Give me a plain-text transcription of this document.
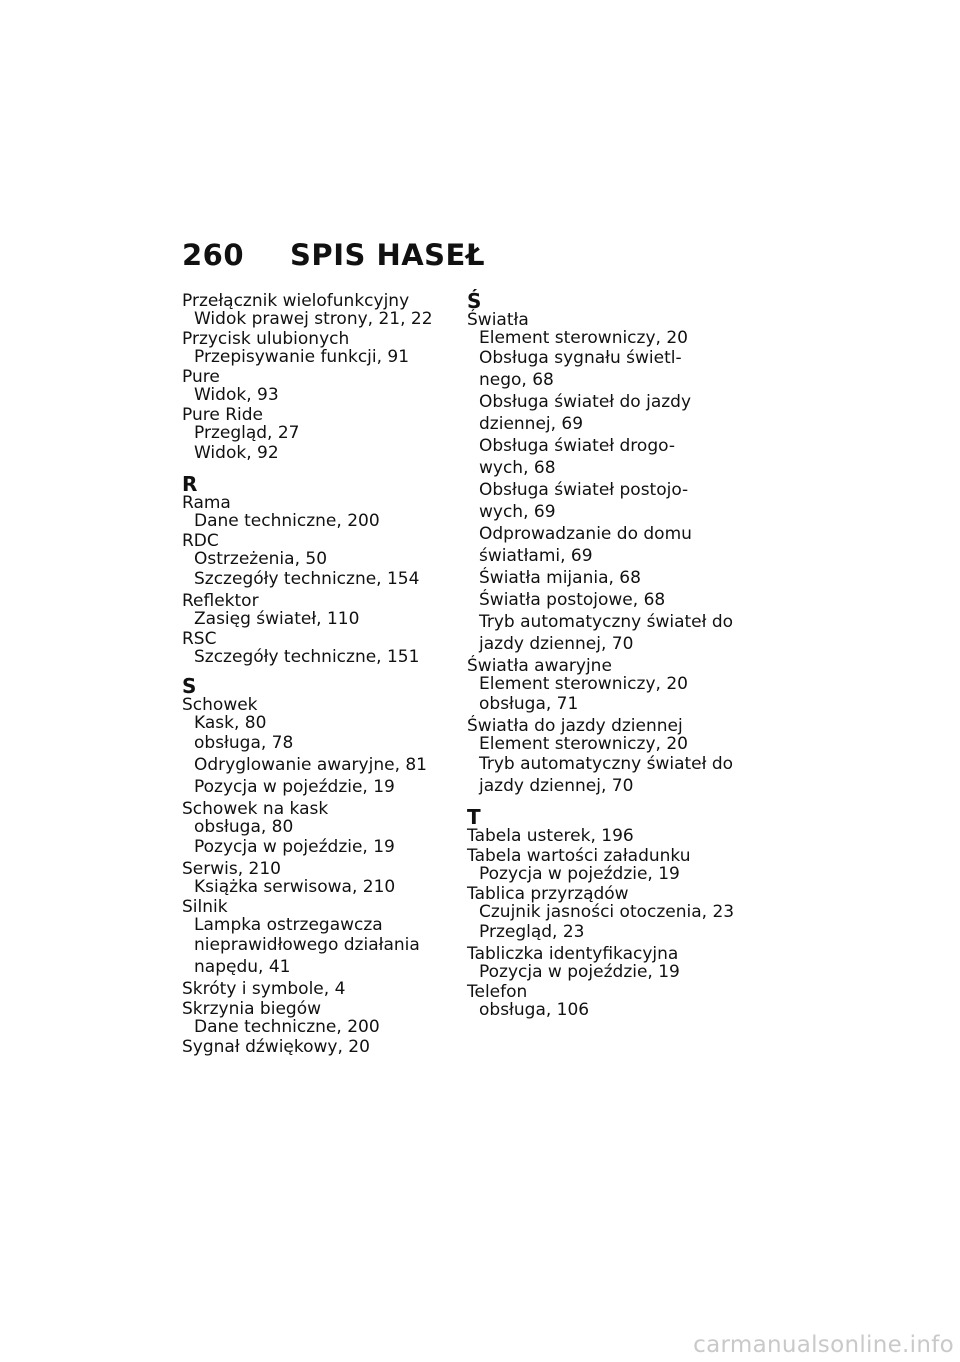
260 SPIS HASEŁ
Przełącznik wielofunkcyjny
Widok prawej strony, 21, 22
Przycisk ulubionych
Przepisywanie funkcji, 91
Pure
Widok, 93
Pure Ride
Przegląd, 27
Widok, 92
R
Rama
Dane techniczne, 200
RDC
Ostrzeżenia, 50
Szczegóły techniczne, 154
Reflektor
Zasięg świateł, 110
RSC
Szczegóły techniczne, 151
S
Schowek
Kask, 80
obsługa, 78
Odryglowanie awaryjne, 81
Pozycja w pojeździe, 19
Schowek na kask
obsługa, 80
Pozycja w pojeździe, 19
Serwis, 210
Książka serwisowa, 210
Silnik
Lampka ostrzegawcza
nieprawidłowego działania
napędu, 41
Skróty i symbole, 4
Skrzynia biegów
Dane techniczne, 200
Sygnał dźwiękowy, 20
Ś
Światła
Element sterowniczy, 20
Obsługa sygnału świetl-
nego, 68
Obsługa świateł do jazdy
dziennej, 69
Obsługa świateł drogo-
wych, 68
Obsługa świateł postojo-
wych, 69
Odprowadzanie do domu
światłami, 69
Światła mijania, 68
Światła postojowe, 68
Tryb automatyczny świateł do
jazdy dziennej, 70
Światła awaryjne
Element sterowniczy, 20
obsługa, 71
Światła do jazdy dziennej
Element sterowniczy, 20
Tryb automatyczny świateł do
jazdy dziennej, 70
T
Tabela usterek, 196
Tabela wartości załadunku
Pozycja w pojeździe, 19
Tablica przyrządów
Czujnik jasności otoczenia, 23
Przegląd, 23
Tabliczka identyfikacyjna
Pozycja w pojeździe, 19
Telefon
obsługa, 106
carmanualsonline.info
